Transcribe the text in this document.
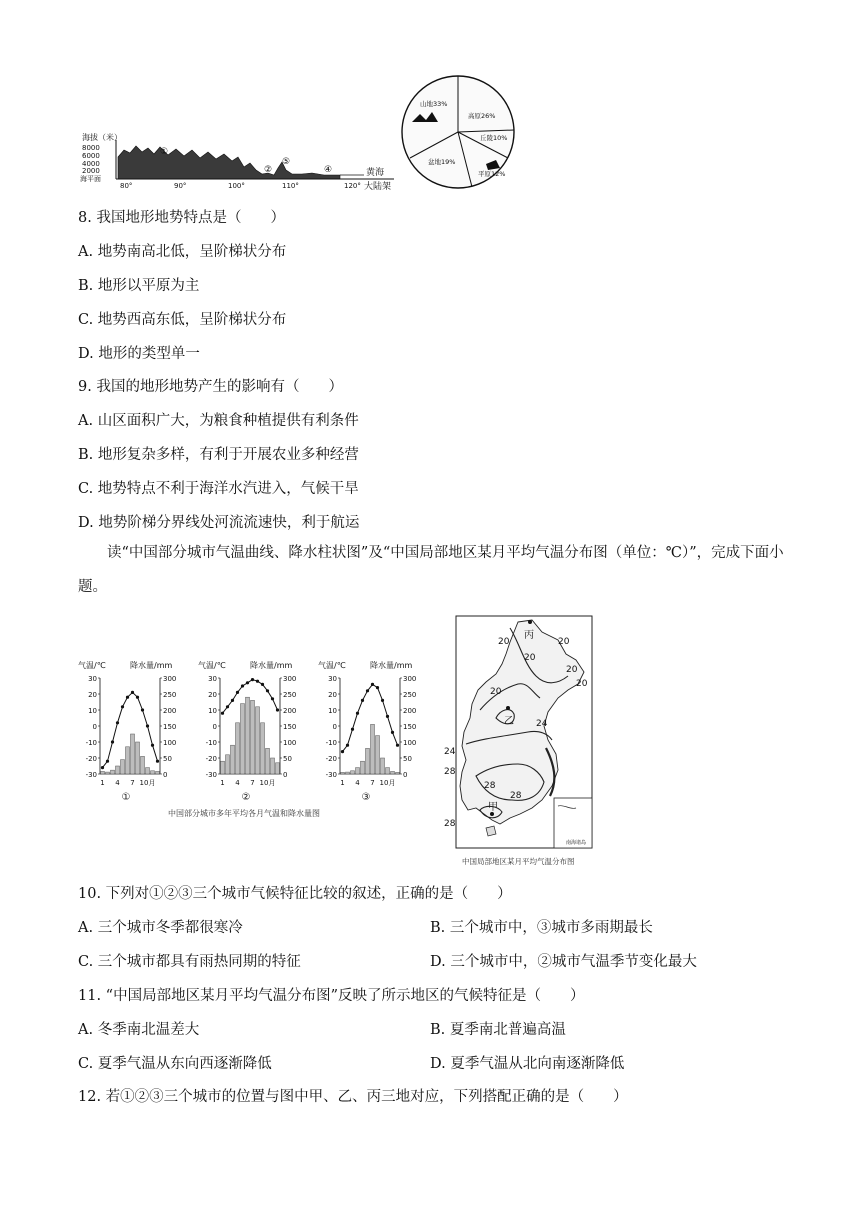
海拔（米）
8000
6000
4000
2000
海平面
①
②
⑤
④	黄海
大陆架
80°	90°	100°	110°	120°
山地33%
高原26%
丘陵10%
平原12%
盆地19%
8. 我国地形地势特点是（　　）
A. 地势南高北低，呈阶梯状分布
B. 地形以平原为主
C. 地势西高东低，呈阶梯状分布
D. 地形的类型单一
9. 我国的地形地势产生的影响有（　　）
A. 山区面积广大，为粮食种植提供有利条件
B. 地形复杂多样，有利于开展农业多种经营
C. 地势特点不利于海洋水汽进入，气候干旱
D. 地势阶梯分界线处河流流速快，利于航运
读“中国部分城市气温曲线、降水柱状图”及“中国局部地区某月平均气温分布图（单位：℃）”，完成下面小题。
气温/℃	降水量/mm
30
20
10
0
-10
-20
-30
300
250
200
150
100
50
0
1 4 7 10月
①
气温/℃	降水量/mm
30
20
10
0
-10
-20
-30
300
250
200
150
100
50
0
1 4 7 10月
②
气温/℃	降水量/mm
30
20
10
0
-10
-20
-30
300
250
200
150
100
50
0
1 4 7 10月
③
中国部分城市多年平均各月气温和降水量图
20
20
20
20
20
20
24
24
28
28
28
28
丙
乙
甲
南海诸岛
中国局部地区某月平均气温分布图
10. 下列对①②③三个城市气候特征比较的叙述，正确的是（　　）
A. 三个城市冬季都很寒冷	B. 三个城市中，③城市多雨期最长
C. 三个城市都具有雨热同期的特征	D. 三个城市中，②城市气温季节变化最大
11. “中国局部地区某月平均气温分布图”反映了所示地区的气候特征是（　　）
A. 冬季南北温差大	B. 夏季南北普遍高温
C. 夏季气温从东向西逐渐降低	D. 夏季气温从北向南逐渐降低
12. 若①②③三个城市的位置与图中甲、乙、丙三地对应，下列搭配正确的是（　　）
